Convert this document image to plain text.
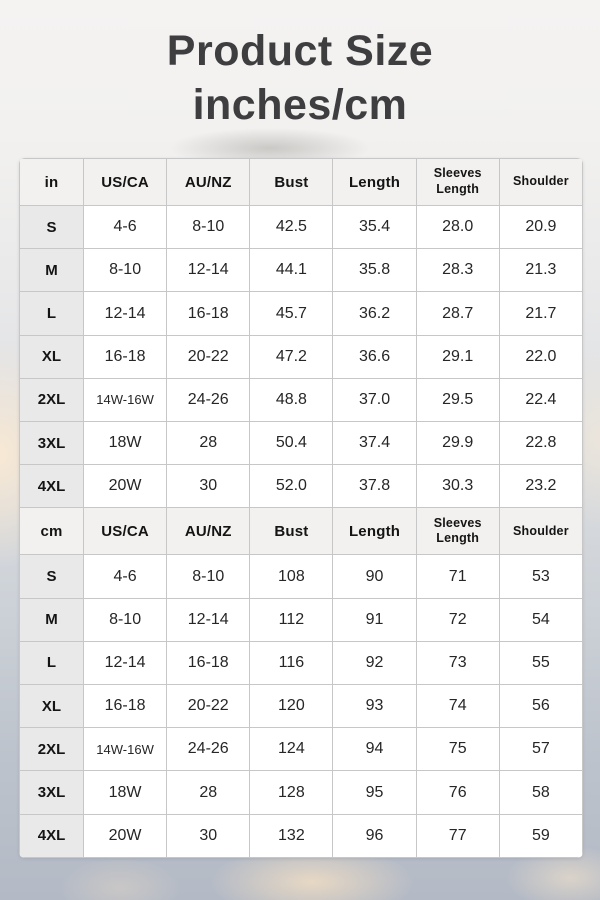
Product Size
inches/cm
in	US/CA	AU/NZ	Bust	Length	Sleeves Length	Shoulder
S	4-6	8-10	42.5	35.4	28.0	20.9
M	8-10	12-14	44.1	35.8	28.3	21.3
L	12-14	16-18	45.7	36.2	28.7	21.7
XL	16-18	20-22	47.2	36.6	29.1	22.0
2XL	14W-16W	24-26	48.8	37.0	29.5	22.4
3XL	18W	28	50.4	37.4	29.9	22.8
4XL	20W	30	52.0	37.8	30.3	23.2
cm	US/CA	AU/NZ	Bust	Length	Sleeves Length	Shoulder
S	4-6	8-10	108	90	71	53
M	8-10	12-14	112	91	72	54
L	12-14	16-18	116	92	73	55
XL	16-18	20-22	120	93	74	56
2XL	14W-16W	24-26	124	94	75	57
3XL	18W	28	128	95	76	58
4XL	20W	30	132	96	77	59
